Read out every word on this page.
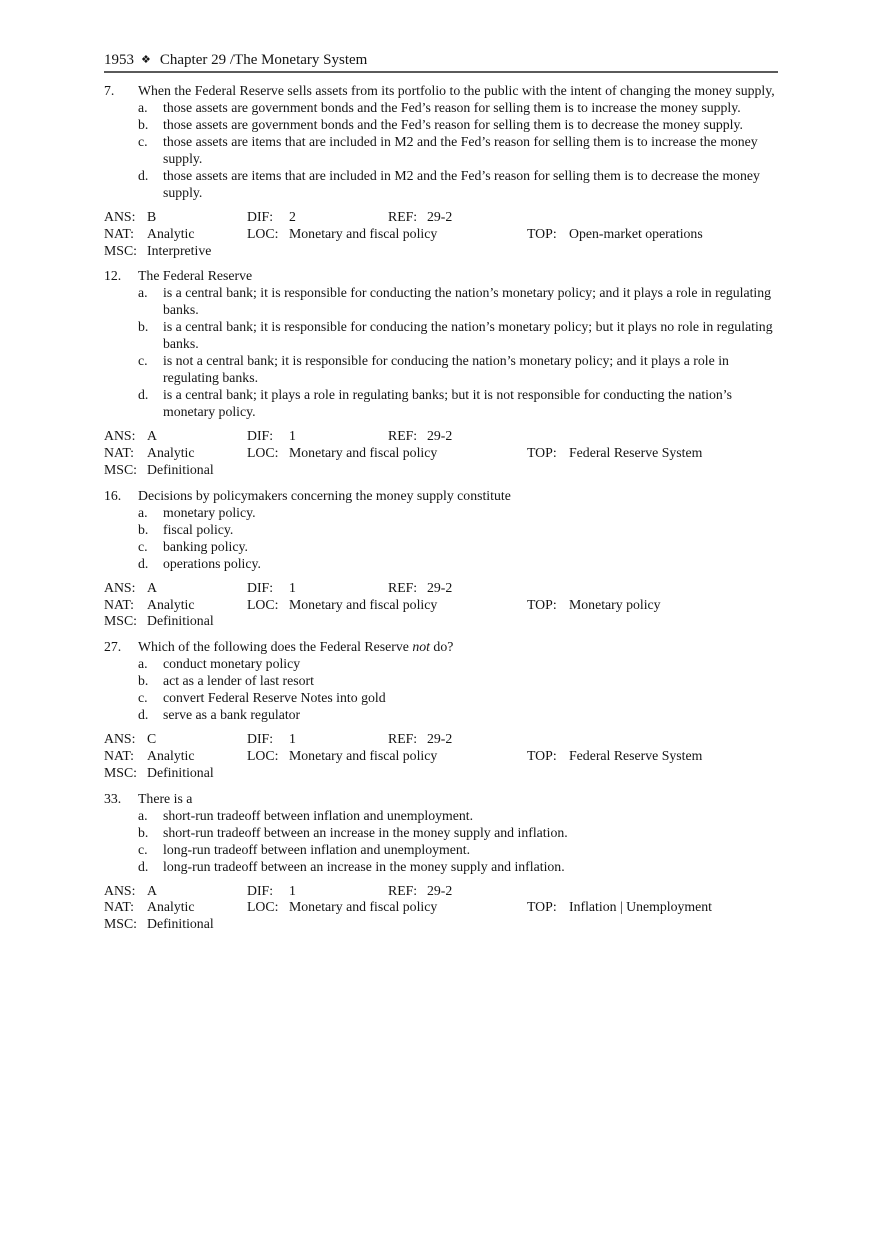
1953 ❖ Chapter 29 /The Monetary System
7.	When the Federal Reserve sells assets from its portfolio to the public with the intent of changing the money supply,

a.	those assets are government bonds and the Fed’s reason for selling them is to increase the money supply.
b.	those assets are government bonds and the Fed’s reason for selling them is to decrease the money supply.
c.	those assets are items that are included in M2 and the Fed’s reason for selling them is to increase the money supply.
d.	those assets are items that are included in M2 and the Fed’s reason for selling them is to decrease the money supply.
ANS: B	DIF: 2	REF: 29-2
NAT: Analytic	LOC: Monetary and fiscal policy	TOP: Open-market operations
MSC: Interpretive
12.	The Federal Reserve

a.	is a central bank; it is responsible for conducting the nation’s monetary policy; and it plays a role in regulating banks.
b.	is a central bank; it is responsible for conducing the nation’s monetary policy; but it plays no role in regulating banks.
c.	is not a central bank; it is responsible for conducing the nation’s monetary policy; and it plays a role in regulating banks.
d.	is a central bank; it plays a role in regulating banks; but it is not responsible for conducting the nation’s monetary policy.
ANS: A	DIF: 1	REF: 29-2
NAT: Analytic	LOC: Monetary and fiscal policy	TOP: Federal Reserve System
MSC: Definitional
16.	Decisions by policymakers concerning the money supply constitute

a.	monetary policy.
b.	fiscal policy.
c.	banking policy.
d.	operations policy.
ANS: A	DIF: 1	REF: 29-2
NAT: Analytic	LOC: Monetary and fiscal policy	TOP: Monetary policy
MSC: Definitional
27.	Which of the following does the Federal Reserve not do?

a.	conduct monetary policy
b.	act as a lender of last resort
c.	convert Federal Reserve Notes into gold
d.	serve as a bank regulator
ANS: C	DIF: 1	REF: 29-2
NAT: Analytic	LOC: Monetary and fiscal policy	TOP: Federal Reserve System
MSC: Definitional
33.	There is a

a.	short-run tradeoff between inflation and unemployment.
b.	short-run tradeoff between an increase in the money supply and inflation.
c.	long-run tradeoff between inflation and unemployment.
d.	long-run tradeoff between an increase in the money supply and inflation.
ANS: A	DIF: 1	REF: 29-2
NAT: Analytic	LOC: Monetary and fiscal policy	TOP: Inflation | Unemployment
MSC: Definitional
